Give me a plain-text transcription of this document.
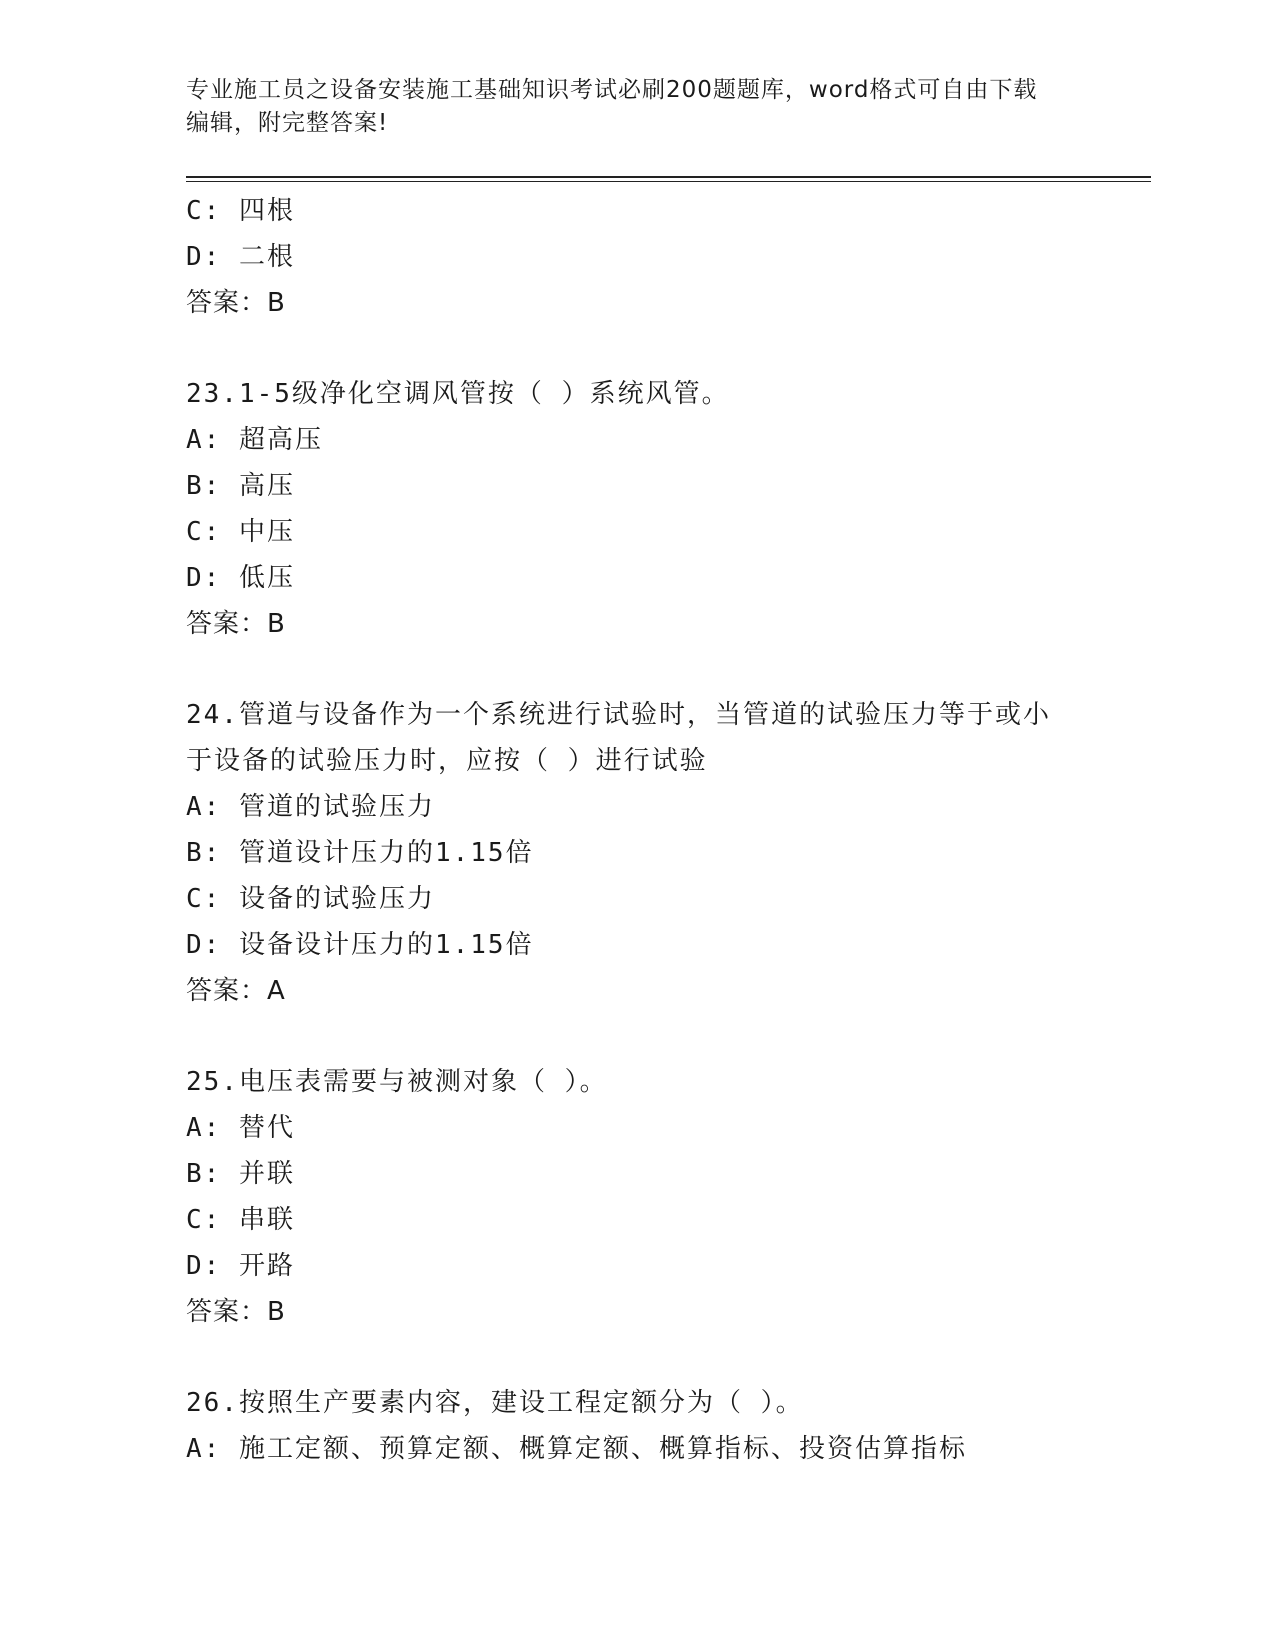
专业施工员之设备安装施工基础知识考试必刷200题题库，word格式可自由下载
编辑，附完整答案!
C: 四根
D: 二根
答案：B
23.1-5级净化空调风管按（ ）系统风管。
A: 超高压
B: 高压
C: 中压
D: 低压
答案：B
24.管道与设备作为一个系统进行试验时，当管道的试验压力等于或小
于设备的试验压力时，应按（ ）进行试验
A: 管道的试验压力
B: 管道设计压力的1.15倍
C: 设备的试验压力
D: 设备设计压力的1.15倍
答案：A
25.电压表需要与被测对象（ ）。
A: 替代
B: 并联
C: 串联
D: 开路
答案：B
26.按照生产要素内容，建设工程定额分为（ ）。
A: 施工定额、预算定额、概算定额、概算指标、投资估算指标
